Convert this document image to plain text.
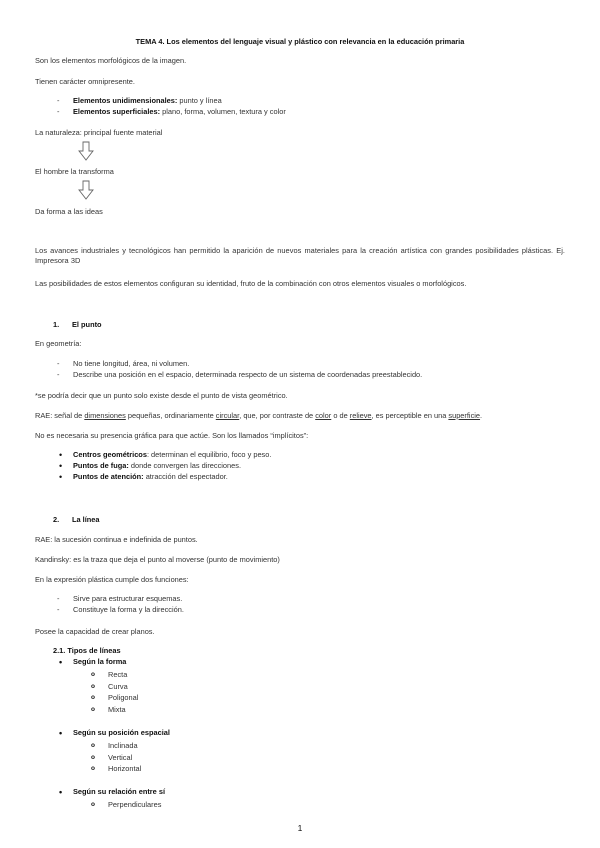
TEMA 4. Los elementos del lenguaje visual y plástico con relevancia en la educación primaria
Son los elementos morfológicos de la imagen.
Tienen carácter omnipresente.
- Elementos unidimensionales: punto y línea
- Elementos superficiales: plano, forma, volumen, textura y color
La naturaleza: principal fuente material
El hombre la transforma
Da forma a las ideas
Los avances industriales y tecnológicos han permitido la aparición de nuevos materiales para la creación artística con grandes posibilidades plásticas. Ej. Impresora 3D
Las posibilidades de estos elementos configuran su identidad, fruto de la combinación con otros elementos visuales o morfológicos.
1. El punto
En geometría:
- No tiene longitud, área, ni volumen.
- Describe una posición en el espacio, determinada respecto de un sistema de coordenadas preestablecido.
*se podría decir que un punto solo existe desde el punto de vista geométrico.
RAE: señal de dimensiones pequeñas, ordinariamente circular, que, por contraste de color o de relieve, es perceptible en una superficie.
No es necesaria su presencia gráfica para que actúe. Son los llamados “implícitos”:
• Centros geométricos: determinan el equilibrio, foco y peso.
• Puntos de fuga: donde convergen las direcciones.
• Puntos de atención: atracción del espectador.
2. La línea
RAE: la sucesión continua e indefinida de puntos.
Kandinsky: es la traza que deja el punto al moverse (punto de movimiento)
En la expresión plástica cumple dos funciones:
- Sirve para estructurar esquemas.
- Constituye la forma y la dirección.
Posee la capacidad de crear planos.
2.1. Tipos de líneas
• Según la forma
o Recta
o Curva
o Poligonal
o Mixta
• Según su posición espacial
o Inclinada
o Vertical
o Horizontal
• Según su relación entre sí
o Perpendiculares
1
